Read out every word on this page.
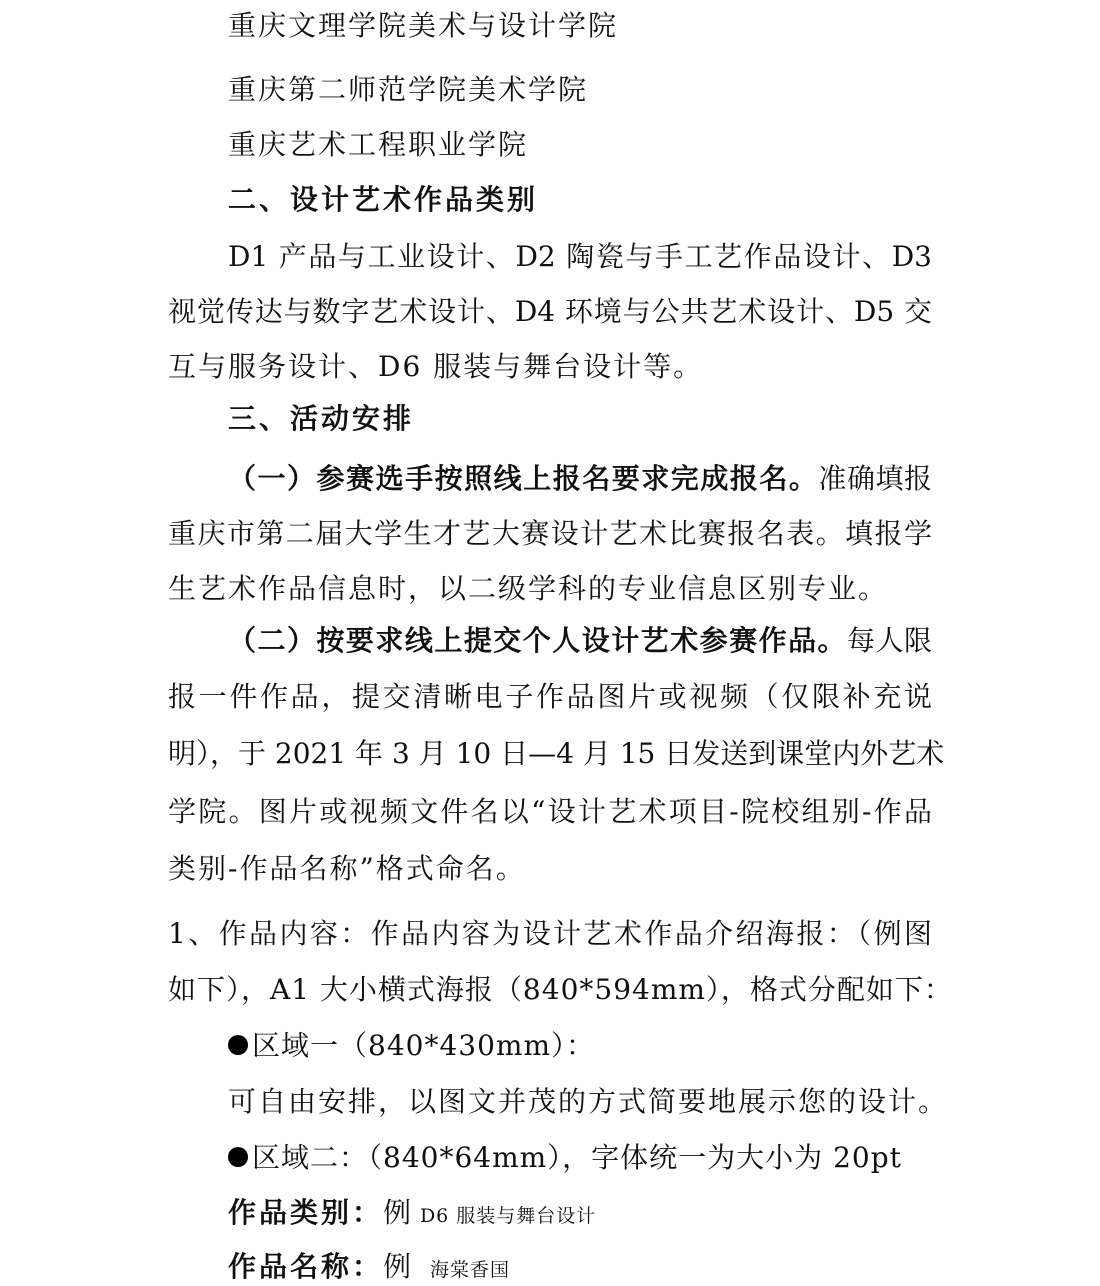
重庆文理学院美术与设计学院
重庆第二师范学院美术学院
重庆艺术工程职业学院
二、设计艺术作品类别
D1 产品与工业设计、D2 陶瓷与手工艺作品设计、D3
视觉传达与数字艺术设计、D4 环境与公共艺术设计、D5 交
互与服务设计、D6 服装与舞台设计等。
三、活动安排
（一）参赛选手按照线上报名要求完成报名。准确填报
重庆市第二届大学生才艺大赛设计艺术比赛报名表。填报学
生艺术作品信息时，以二级学科的专业信息区别专业。
（二）按要求线上提交个人设计艺术参赛作品。每人限
报一件作品，提交清晰电子作品图片或视频（仅限补充说
明），于 2021 年 3 月 10 日—4 月 15 日发送到课堂内外艺术
学院。图片或视频文件名以“设计艺术项目-院校组别-作品
类别-作品名称”格式命名。
1、作品内容：作品内容为设计艺术作品介绍海报：（例图
如下），A1 大小横式海报（840*594mm），格式分配如下：
区域一（840*430mm）：
可自由安排，以图文并茂的方式简要地展示您的设计。
区域二：（840*64mm），字体统一为大小为 20pt
作品类别：例 D6 服装与舞台设计
作品名称：例 海棠香国
